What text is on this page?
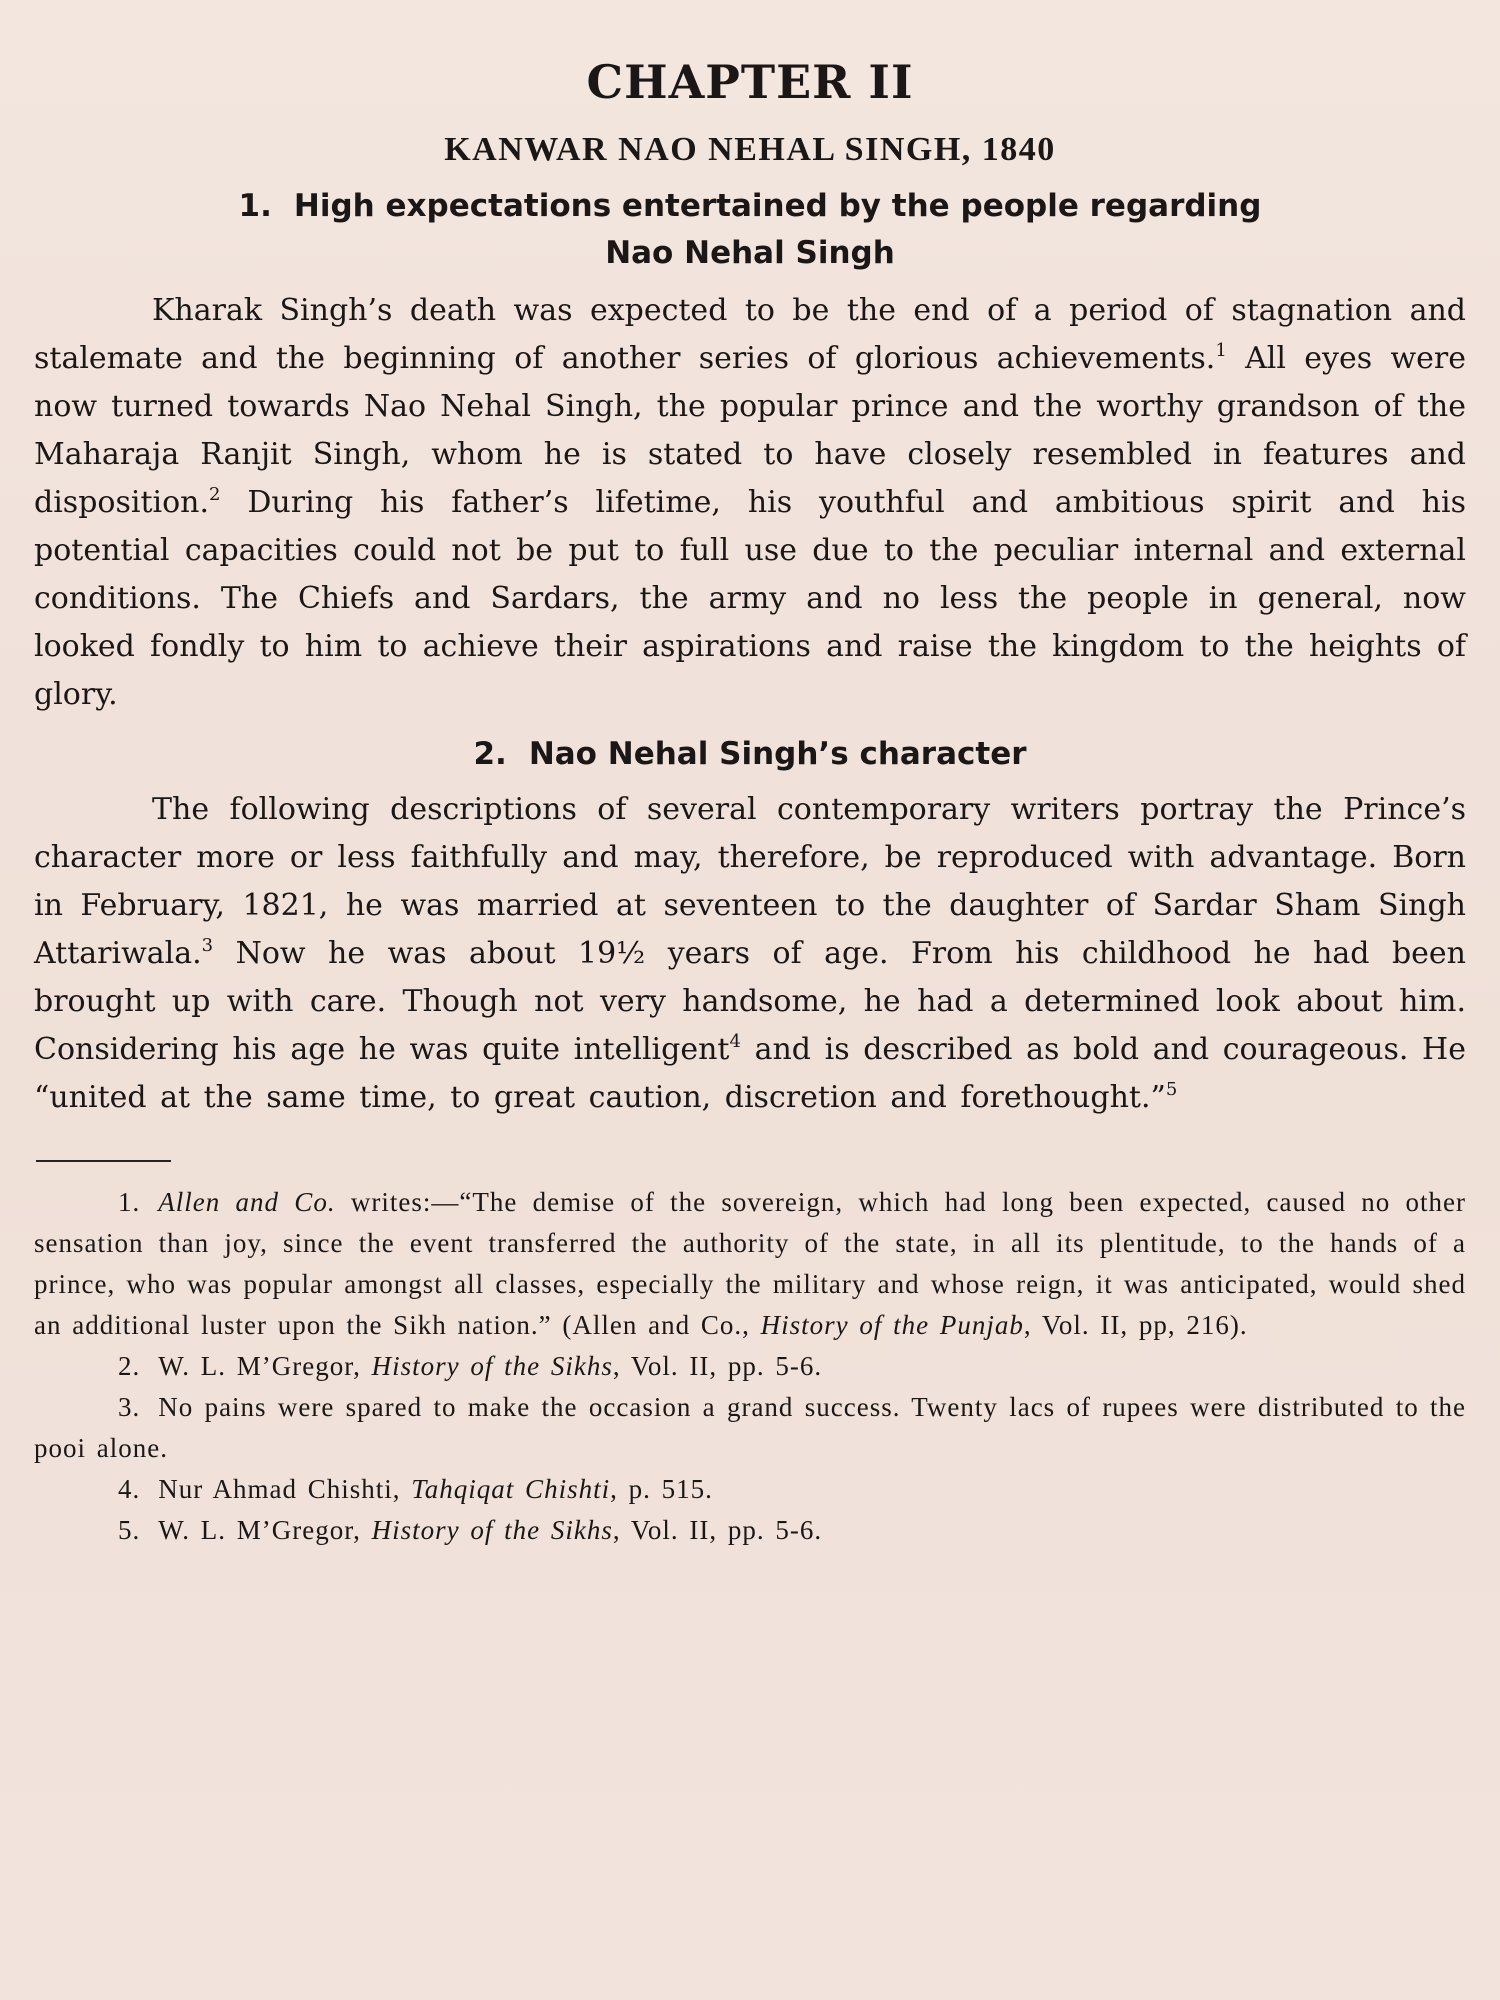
CHAPTER II
KANWAR NAO NEHAL SINGH, 1840
1. High expectations entertained by the people regarding
Nao Nehal Singh

Kharak Singh’s death was expected to be the end of a period of stagnation and stalemate and the beginning of another series of glorious achievements.$^1$ All eyes were now turned towards Nao Nehal Singh, the popular prince and the worthy grandson of the Maharaja Ranjit Singh, whom he is stated to have closely resembled in features and disposition.$^2$ During his father’s lifetime, his youthful and ambitious spirit and his potential capacities could not be put to full use due to the peculiar internal and external conditions. The Chiefs and Sardars, the army and no less the people in general, now looked fondly to him to achieve their aspirations and raise the kingdom to the heights of glory.

2. Nao Nehal Singh’s character

The following descriptions of several contemporary writers portray the Prince’s character more or less faithfully and may, therefore, be reproduced with advantage. Born in February, 1821, he was married at seventeen to the daughter of Sardar Sham Singh Attariwala.$^3$ Now he was about 19½ years of age. From his childhood he had been brought up with care. Though not very handsome, he had a determined look about him. Considering his age he was quite intelligent$^4$ and is described as bold and courageous. He “united at the same time, to great caution, discretion and forethought.”$^5$

1. Allen and Co. writes:—“The demise of the sovereign, which had long been expected, caused no other sensation than joy, since the event transferred the authority of the state, in all its plentitude, to the hands of a prince, who was popular amongst all classes, especially the military and whose reign, it was anticipated, would shed an additional luster upon the Sikh nation.” (Allen and Co., History of the Punjab, Vol. II, pp, 216).

2. W. L. M’Gregor, History of the Sikhs, Vol. II, pp. 5-6.

3. No pains were spared to make the occasion a grand success. Twenty lacs of rupees were distributed to the pooi alone.

4. Nur Ahmad Chishti, Tahqiqat Chishti, p. 515.

5. W. L. M’Gregor, History of the Sikhs, Vol. II, pp. 5-6.
